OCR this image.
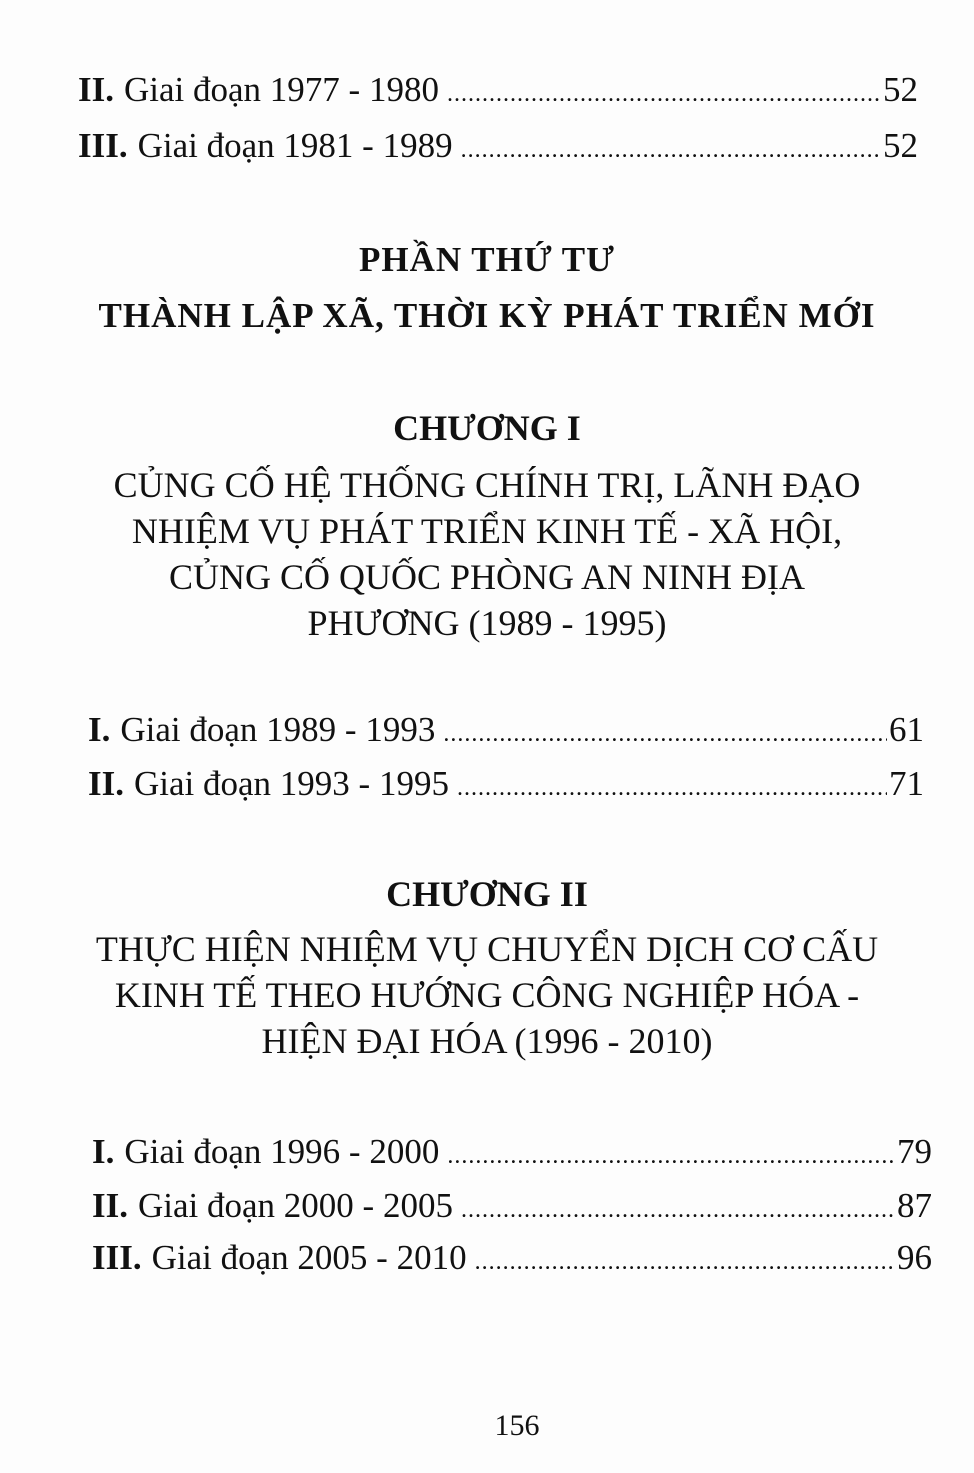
II. Giai đoạn 1977 - 1980 .....	52
III. Giai đoạn 1981 - 1989 .....	52
PHẦN THỨ TƯ
THÀNH LẬP XÃ, THỜI KỲ PHÁT TRIỂN MỚI
CHƯƠNG I
CỦNG CỐ HỆ THỐNG CHÍNH TRỊ, LÃNH ĐẠO
NHIỆM VỤ PHÁT TRIỂN KINH TẾ - XÃ HỘI,
CỦNG CỐ QUỐC PHÒNG AN NINH ĐỊA
PHƯƠNG (1989 - 1995)
I. Giai đoạn 1989 - 1993 .....	61
II. Giai đoạn 1993 - 1995 .....	71
CHƯƠNG II
THỰC HIỆN NHIỆM VỤ CHUYỂN DỊCH CƠ CẤU
KINH TẾ THEO HƯỚNG CÔNG NGHIỆP HÓA -
HIỆN ĐẠI HÓA (1996 - 2010)
I. Giai đoạn 1996 - 2000 .....	79
II. Giai đoạn 2000 - 2005 .....	87
III. Giai đoạn 2005 - 2010 .....	96
156
